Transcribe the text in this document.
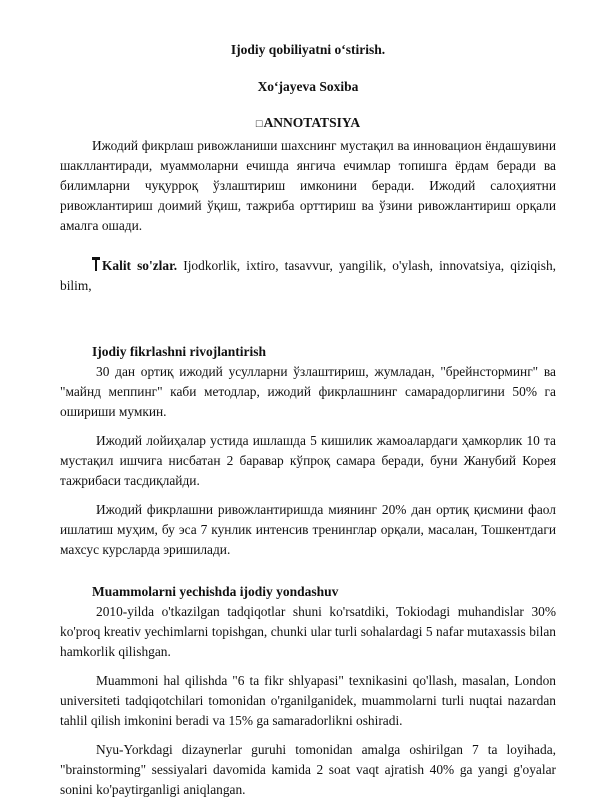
Ijodiy qobiliyatni o‘stirish.

Xo‘jayeva Soxiba

□ANNOTATSIYA

Ижодий фикрлаш ривожланиши шахснинг мустақил ва инновацион ёндашувини шакллантиради, муаммоларни ечишда янгича ечимлар топишга ёрдам беради ва билимларни чуқурроқ ўзлаштириш имконини беради. Ижодий салоҳиятни ривожлантириш доимий ўқиш, тажриба орттириш ва ўзини ривожлантириш орқали амалга ошади.

Kalit so'zlar. Ijodkorlik, ixtiro, tasavvur, yangilik, o'ylash, innovatsiya, qiziqish, bilim,

Ijodiy fikrlashni rivojlantirish

30 дан ортиқ ижодий усулларни ўзлаштириш, жумладан, "брейнсторминг" ва "майнд меппинг" каби методлар, ижодий фикрлашнинг самарадорлигини 50% га ошириши мумкин.

Ижодий лойиҳалар устида ишлашда 5 кишилик жамоалардаги ҳамкорлик 10 та мустақил ишчига нисбатан 2 баравар кўпроқ самара беради, буни Жанубий Корея тажрибаси тасдиқлайди.

Ижодий фикрлашни ривожлантиришда миянинг 20% дан ортиқ қисмини фаол ишлатиш муҳим, бу эса 7 кунлик интенсив тренинглар орқали, масалан, Тошкентдаги махсус курсларда эришилади.

Muammolarni yechishda ijodiy yondashuv

2010-yilda o'tkazilgan tadqiqotlar shuni ko'rsatdiki, Tokiodagi muhandislar 30% ko'proq kreativ yechimlarni topishgan, chunki ular turli sohalardagi 5 nafar mutaxassis bilan hamkorlik qilishgan.

Muammoni hal qilishda "6 ta fikr shlyapasi" texnikasini qo'llash, masalan, London universiteti tadqiqotchilari tomonidan o'rganilganidek, muammolarni turli nuqtai nazardan tahlil qilish imkonini beradi va 15% ga samaradorlikni oshiradi.

Nyu-Yorkdagi dizaynerlar guruhi tomonidan amalga oshirilgan 7 ta loyihada, "brainstorming" sessiyalari davomida kamida 2 soat vaqt ajratish 40% ga yangi g'oyalar sonini ko'paytirganligi aniqlangan.
